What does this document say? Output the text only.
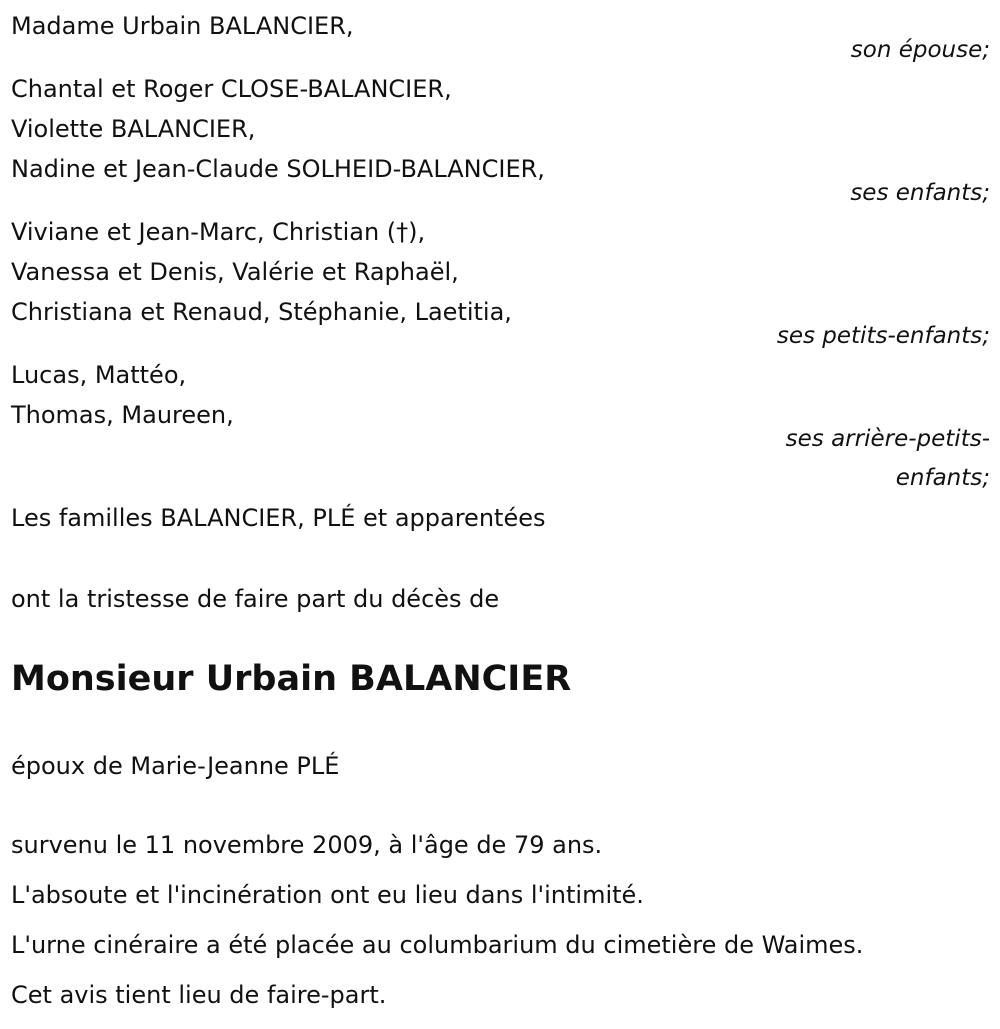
Madame Urbain BALANCIER,

son épouse;

Chantal et Roger CLOSE-BALANCIER,

Violette BALANCIER,

Nadine et Jean-Claude SOLHEID-BALANCIER,

ses enfants;

Viviane et Jean-Marc, Christian (†),

Vanessa et Denis, Valérie et Raphaël,

Christiana et Renaud, Stéphanie, Laetitia,

ses petits-enfants;

Lucas, Mattéo,

Thomas, Maureen,

ses arrière-petits-

enfants;

Les familles BALANCIER, PLÉ et apparentées

ont la tristesse de faire part du décès de

Monsieur Urbain BALANCIER

époux de Marie-Jeanne PLÉ

survenu le 11 novembre 2009, à l'âge de 79 ans.

L'absoute et l'incinération ont eu lieu dans l'intimité.

L'urne cinéraire a été placée au columbarium du cimetière de Waimes.

Cet avis tient lieu de faire-part.
